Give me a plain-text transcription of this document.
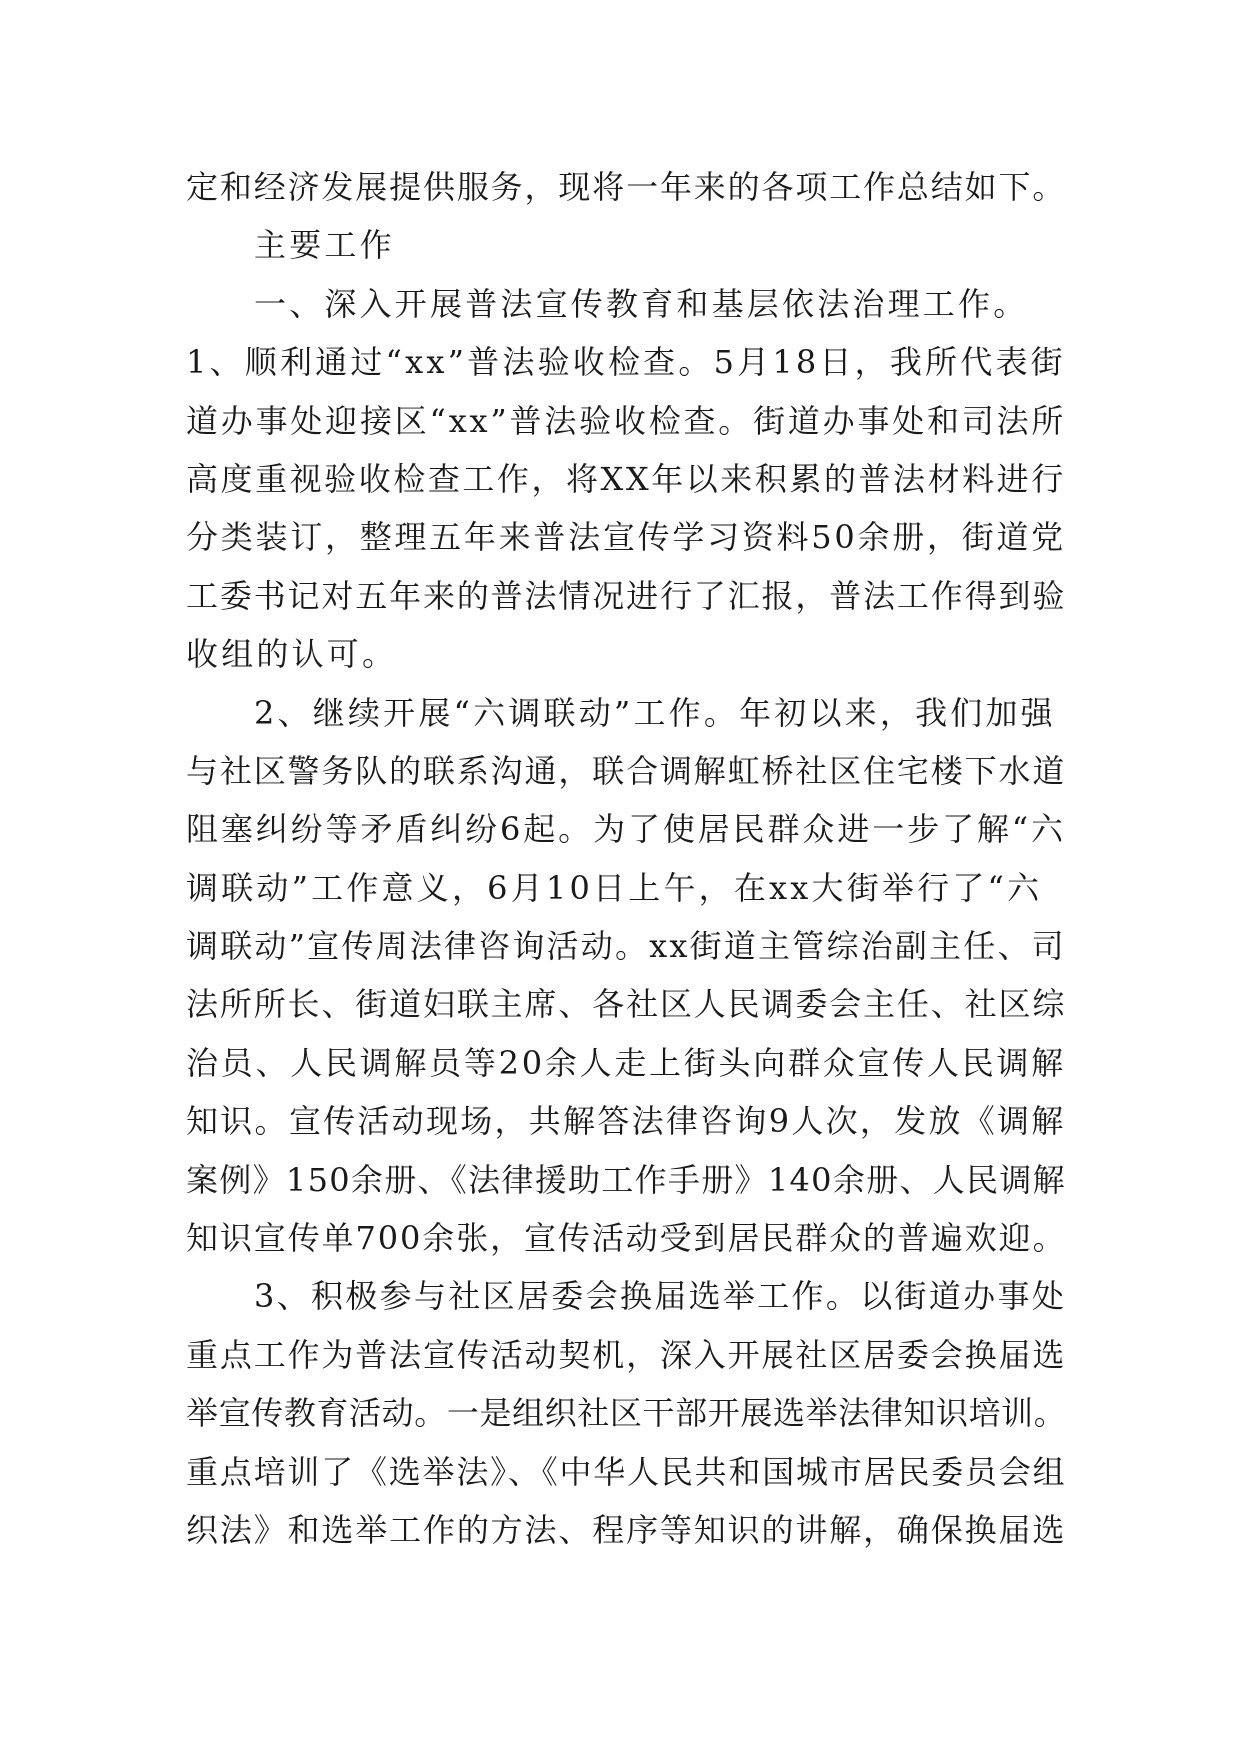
定和经济发展提供服务，现将一年来的各项工作总结如下。
主要工作
一、深入开展普法宣传教育和基层依法治理工作。
1、顺利通过“xx”普法验收检查。5月18日，我所代表街
道办事处迎接区“xx”普法验收检查。街道办事处和司法所
高度重视验收检查工作，将XX年以来积累的普法材料进行
分类装订，整理五年来普法宣传学习资料50余册，街道党
工委书记对五年来的普法情况进行了汇报，普法工作得到验
收组的认可。
2、继续开展“六调联动”工作。年初以来，我们加强
与社区警务队的联系沟通，联合调解虹桥社区住宅楼下水道
阻塞纠纷等矛盾纠纷6起。为了使居民群众进一步了解“六
调联动”工作意义，6月10日上午，在xx大街举行了“六
调联动”宣传周法律咨询活动。xx街道主管综治副主任、司
法所所长、街道妇联主席、各社区人民调委会主任、社区综
治员、人民调解员等20余人走上街头向群众宣传人民调解
知识。宣传活动现场，共解答法律咨询9人次，发放《调解
案例》150余册、《法律援助工作手册》140余册、人民调解
知识宣传单700余张，宣传活动受到居民群众的普遍欢迎。
3、积极参与社区居委会换届选举工作。以街道办事处
重点工作为普法宣传活动契机，深入开展社区居委会换届选
举宣传教育活动。一是组织社区干部开展选举法律知识培训。
重点培训了《选举法》、《中华人民共和国城市居民委员会组
织法》和选举工作的方法、程序等知识的讲解，确保换届选
